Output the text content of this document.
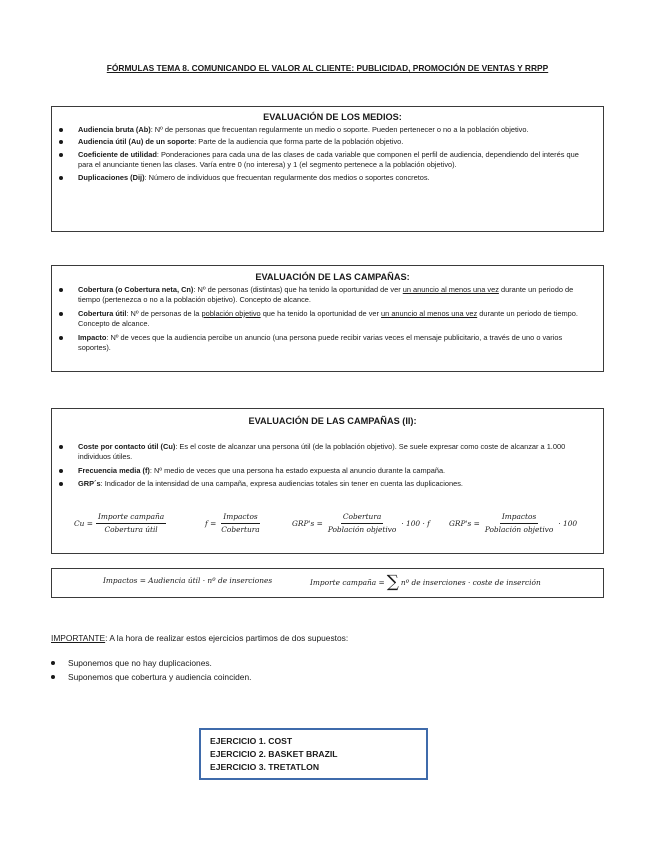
FÓRMULAS TEMA 8. COMUNICANDO EL VALOR AL CLIENTE: PUBLICIDAD, PROMOCIÓN DE VENTAS Y RRPP
EVALUACIÓN DE LOS MEDIOS:
Audiencia bruta (Ab): Nº de personas que frecuentan regularmente un medio o soporte. Pueden pertenecer o no a la población objetivo.
Audiencia útil (Au) de un soporte: Parte de la audiencia que forma parte de la población objetivo.
Coeficiente de utilidad: Ponderaciones para cada una de las clases de cada variable que componen el perfil de audiencia, dependiendo del interés que para el anunciante tienen las clases. Varía entre 0 (no interesa) y 1 (el segmento pertenece a la población objetivo).
Duplicaciones (Dij): Número de individuos que frecuentan regularmente dos medios o soportes concretos.
EVALUACIÓN DE LAS CAMPAÑAS:
Cobertura (o Cobertura neta, Cn): Nº de personas (distintas) que ha tenido la oportunidad de ver un anuncio al menos una vez durante un periodo de tiempo (pertenezca o no a la población objetivo). Concepto de alcance.
Cobertura útil: Nº de personas de la población objetivo que ha tenido la oportunidad de ver un anuncio al menos una vez durante un periodo de tiempo. Concepto de alcance.
Impacto: Nº de veces que la audiencia percibe un anuncio (una persona puede recibir varias veces el mensaje publicitario, a través de uno o varios soportes).
EVALUACIÓN DE LAS CAMPAÑAS (II):
Coste por contacto útil (Cu): Es el coste de alcanzar una persona útil (de la población objetivo). Se suele expresar como coste de alcanzar a 1.000 individuos útiles.
Frecuencia media (f): Nº medio de veces que una persona ha estado expuesta al anuncio durante la campaña.
GRP´s: Indicador de la intensidad de una campaña, expresa audiencias totales sin tener en cuenta las duplicaciones.
$Cu = \frac{\text{Importe campaña}}{\text{Cobertura útil}}$	$f = \frac{\text{Impactos}}{\text{Cobertura}}$	$GRP's = \frac{\text{Cobertura}}{\text{Población objetivo}} \cdot 100 \cdot f$	$GRP's = \frac{\text{Impactos}}{\text{Población objetivo}} \cdot 100$
Impactos = Audiencia útil · nº de inserciones	Importe campaña = ∑ nº de inserciones · coste de inserción
IMPORTANTE: A la hora de realizar estos ejercicios partimos de dos supuestos:
Suponemos que no hay duplicaciones.
Suponemos que cobertura y audiencia coinciden.
EJERCICIO 1. COST
EJERCICIO 2. BASKET BRAZIL
EJERCICIO 3. TRETATLON
